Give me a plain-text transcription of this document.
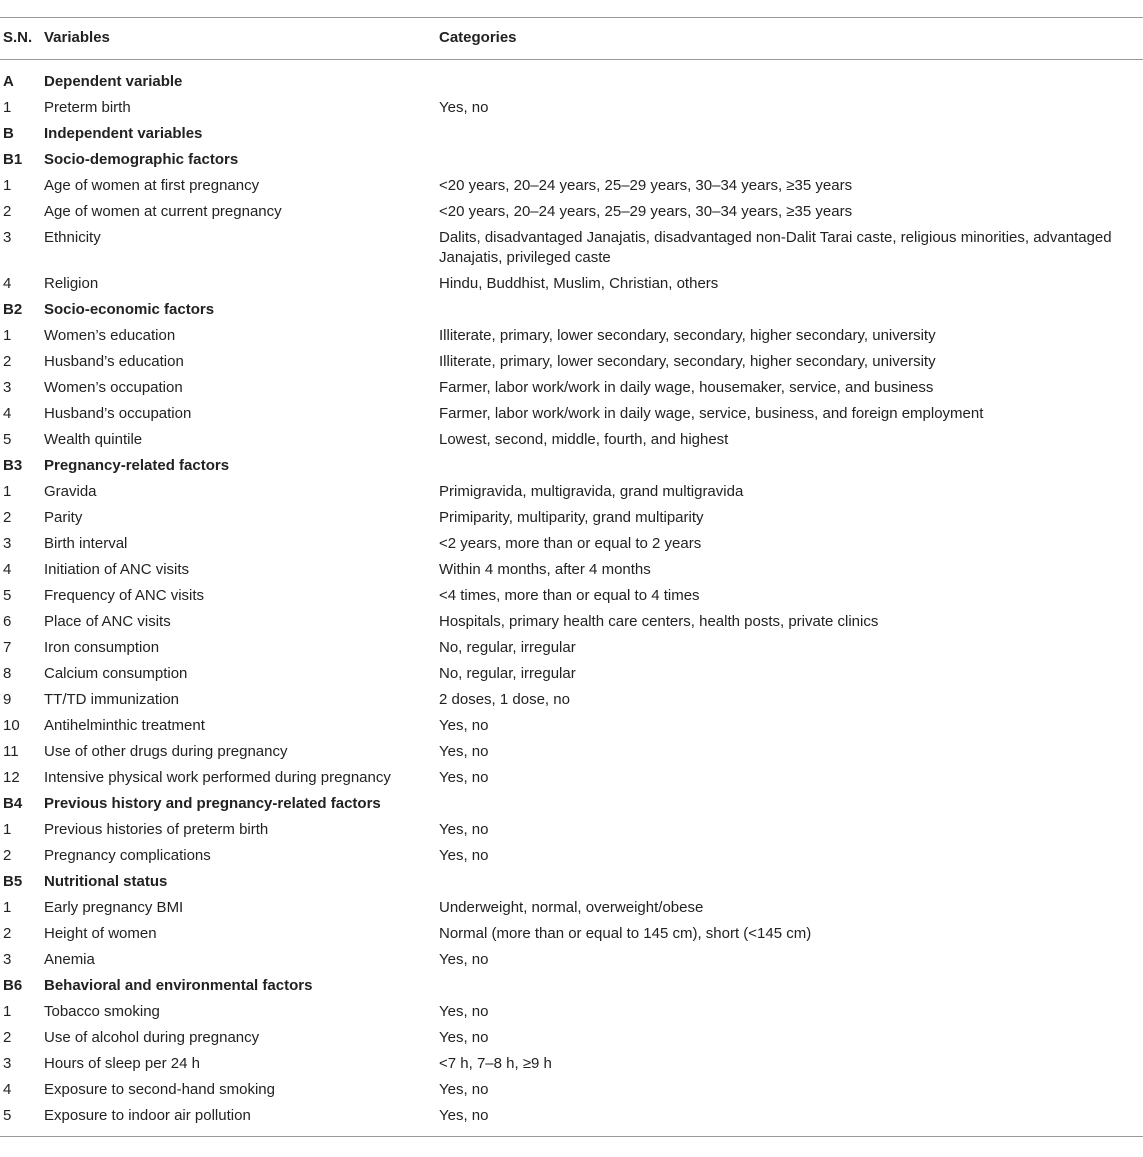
S.N.	Variables	Categories
A	Dependent variable	
1	Preterm birth	Yes, no
B	Independent variables	
B1	Socio-demographic factors	
1	Age of women at first pregnancy	<20 years, 20–24 years, 25–29 years, 30–34 years, ≥35 years
2	Age of women at current pregnancy	<20 years, 20–24 years, 25–29 years, 30–34 years, ≥35 years
3	Ethnicity	Dalits, disadvantaged Janajatis, disadvantaged non-Dalit Tarai caste, religious minorities, advantaged Janajatis, privileged caste
4	Religion	Hindu, Buddhist, Muslim, Christian, others
B2	Socio-economic factors	
1	Women’s education	Illiterate, primary, lower secondary, secondary, higher secondary, university
2	Husband’s education	Illiterate, primary, lower secondary, secondary, higher secondary, university
3	Women’s occupation	Farmer, labor work/work in daily wage, housemaker, service, and business
4	Husband’s occupation	Farmer, labor work/work in daily wage, service, business, and foreign employment
5	Wealth quintile	Lowest, second, middle, fourth, and highest
B3	Pregnancy-related factors	
1	Gravida	Primigravida, multigravida, grand multigravida
2	Parity	Primiparity, multiparity, grand multiparity
3	Birth interval	<2 years, more than or equal to 2 years
4	Initiation of ANC visits	Within 4 months, after 4 months
5	Frequency of ANC visits	<4 times, more than or equal to 4 times
6	Place of ANC visits	Hospitals, primary health care centers, health posts, private clinics
7	Iron consumption	No, regular, irregular
8	Calcium consumption	No, regular, irregular
9	TT/TD immunization	2 doses, 1 dose, no
10	Antihelminthic treatment	Yes, no
11	Use of other drugs during pregnancy	Yes, no
12	Intensive physical work performed during pregnancy	Yes, no
B4	Previous history and pregnancy-related factors	
1	Previous histories of preterm birth	Yes, no
2	Pregnancy complications	Yes, no
B5	Nutritional status	
1	Early pregnancy BMI	Underweight, normal, overweight/obese
2	Height of women	Normal (more than or equal to 145 cm), short (<145 cm)
3	Anemia	Yes, no
B6	Behavioral and environmental factors	
1	Tobacco smoking	Yes, no
2	Use of alcohol during pregnancy	Yes, no
3	Hours of sleep per 24 h	<7 h, 7–8 h, ≥9 h
4	Exposure to second-hand smoking	Yes, no
5	Exposure to indoor air pollution	Yes, no
